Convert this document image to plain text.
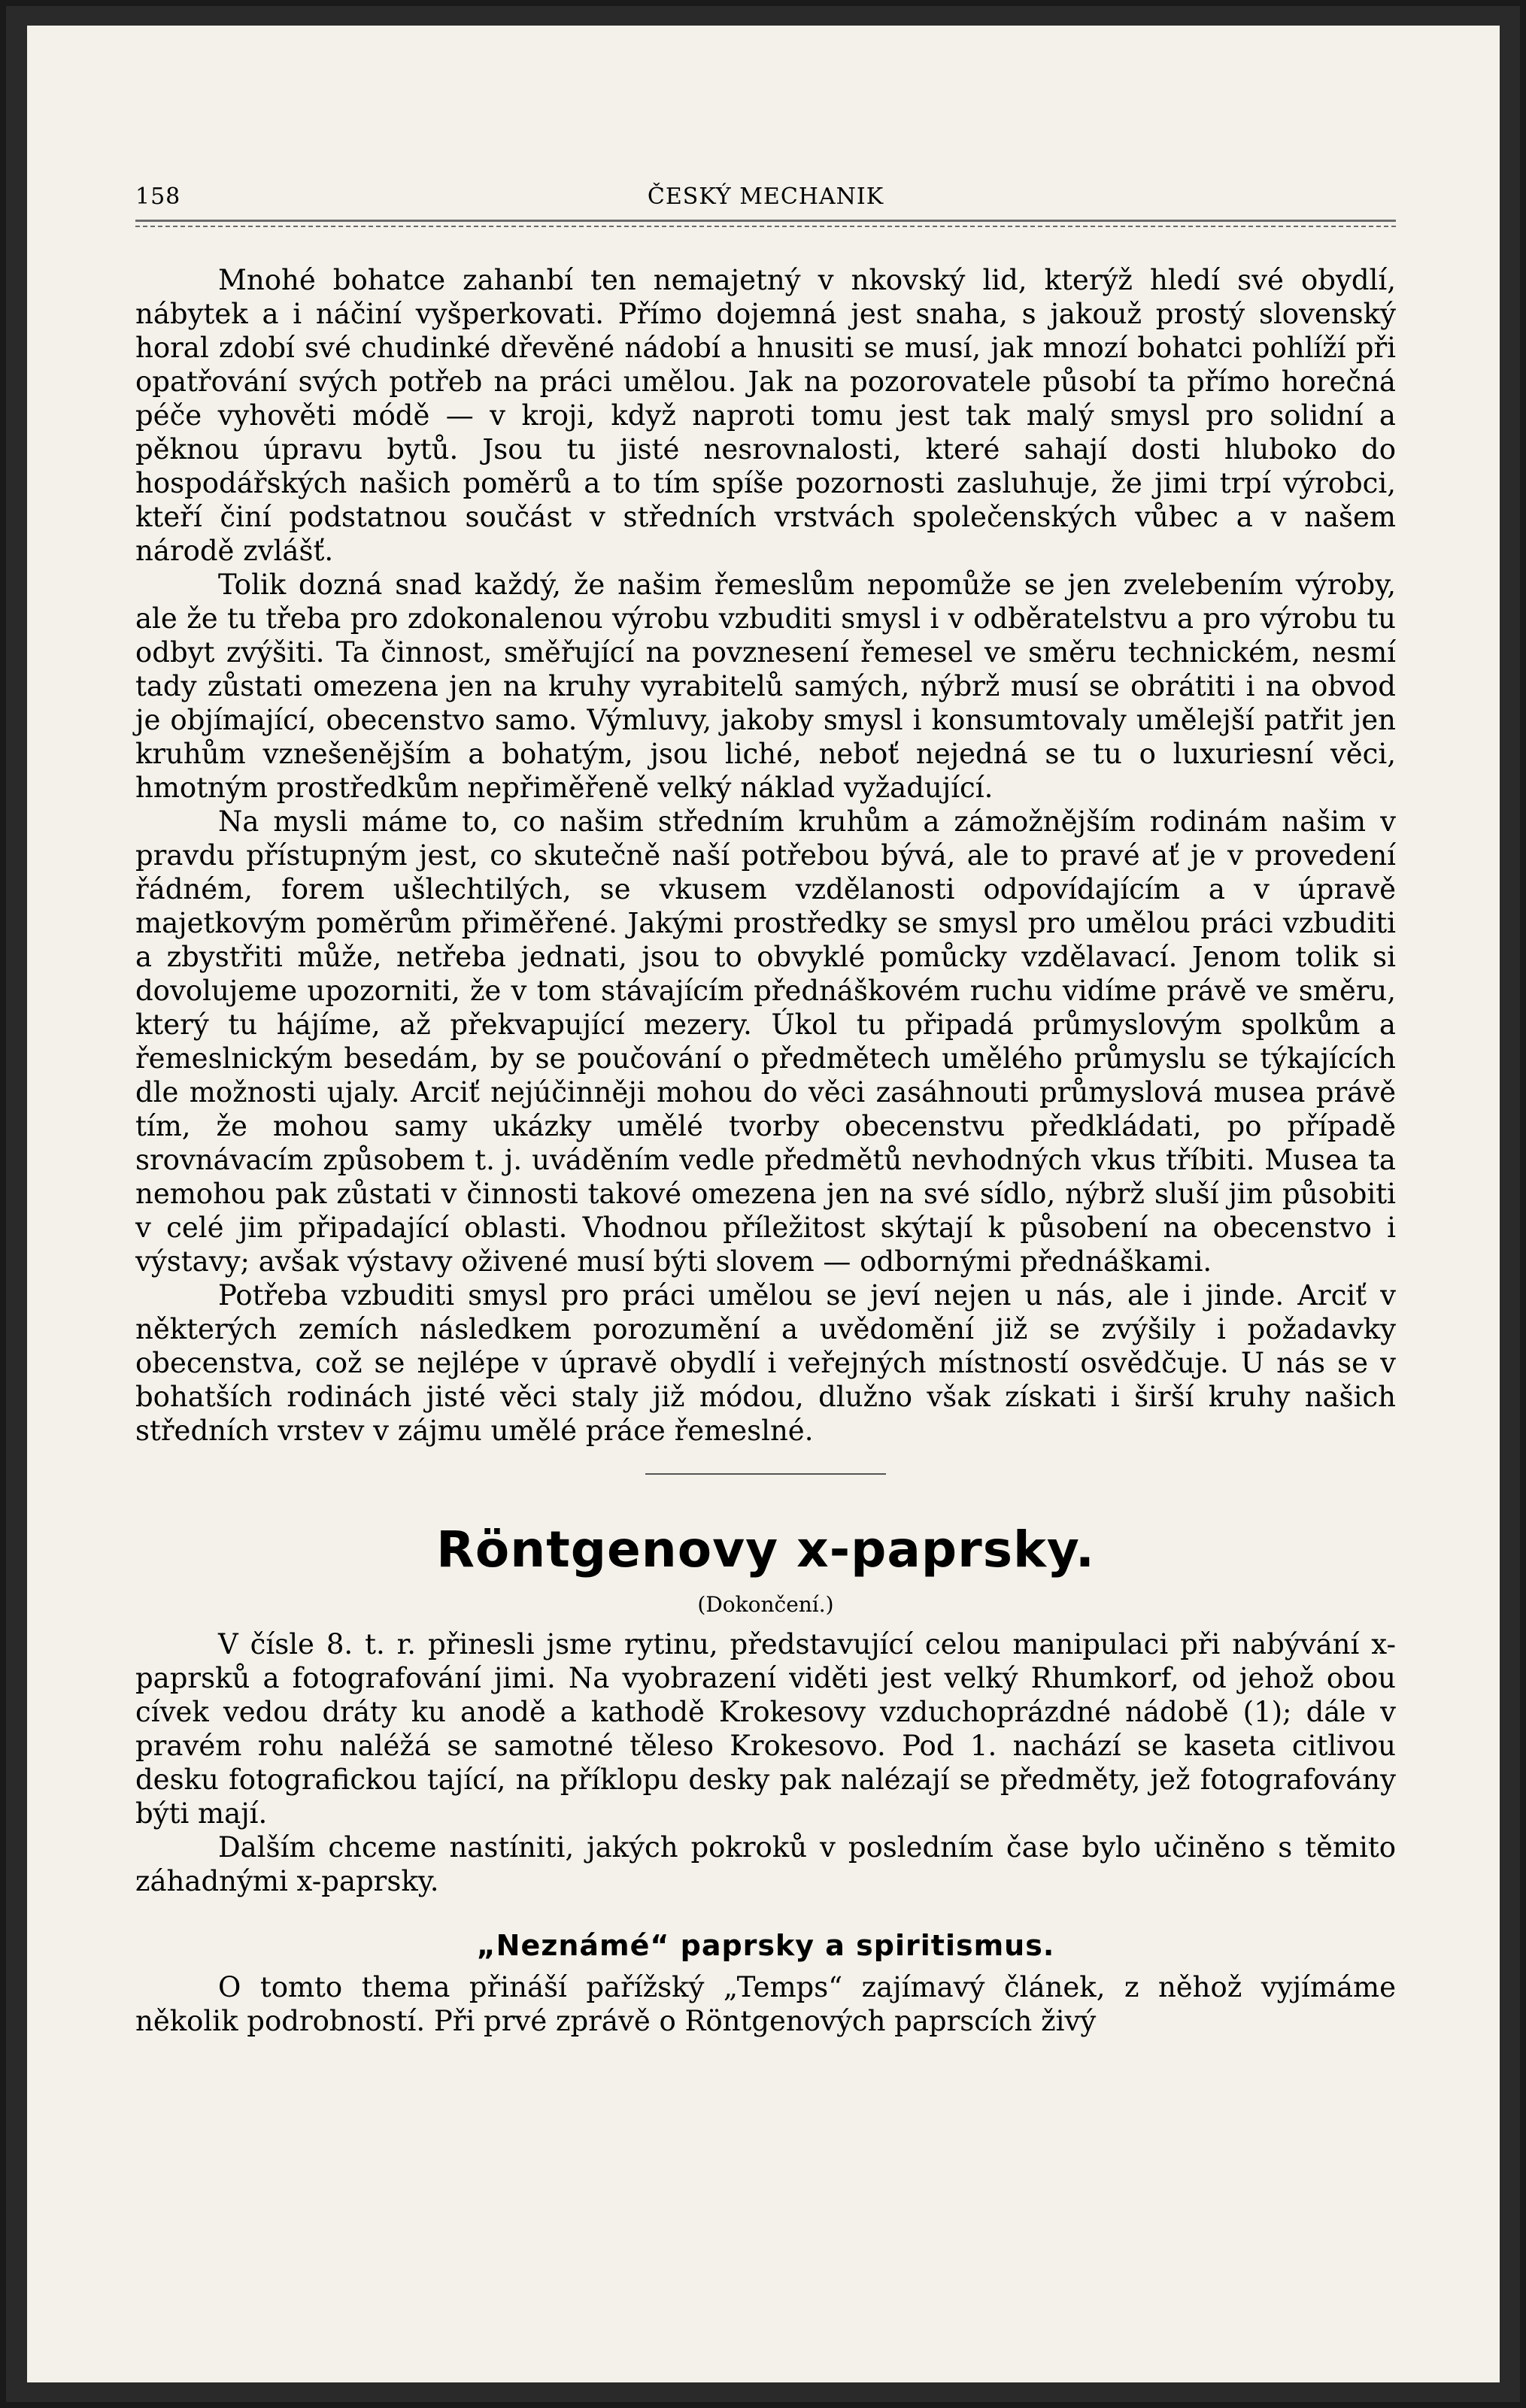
158	ČESKÝ MECHANIK

Mnohé bohatce zahanbí ten nemajetný v nkovský lid, kterýž hledí své obydlí, nábytek a i náčiní vyšperkovati. Přímo dojemná jest snaha, s jakouž prostý slovenský horal zdobí své chudinké dřevěné nádobí a hnusiti se musí, jak mnozí bohatci pohlíží při opatřování svých potřeb na práci umělou. Jak na pozorovatele působí ta přímo horečná péče vyhověti módě — v kroji, když naproti tomu jest tak malý smysl pro solidní a pěknou úpravu bytů. Jsou tu jisté nesrovnalosti, které sahají dosti hluboko do hospodářských našich poměrů a to tím spíše pozornosti zasluhuje, že jimi trpí výrobci, kteří činí podstatnou součást v středních vrstvách společenských vůbec a v našem národě zvlášť.

Tolik dozná snad každý, že našim řemeslům nepomůže se jen zvelebením výroby, ale že tu třeba pro zdokonalenou výrobu vzbuditi smysl i v odběratelstvu a pro výrobu tu odbyt zvýšiti. Ta činnost, směřující na povznesení řemesel ve směru technickém, nesmí tady zůstati omezena jen na kruhy vyrabitelů samých, nýbrž musí se obrátiti i na obvod je objímající, obecenstvo samo. Výmluvy, jakoby smysl i konsumtovaly umělejší patřit jen kruhům vznešenějším a bohatým, jsou liché, neboť nejedná se tu o luxuriesní věci, hmotným prostředkům nepřiměřeně velký náklad vyžadující.

Na mysli máme to, co našim středním kruhům a zámožnějším rodinám našim v pravdu přístupným jest, co skutečně naší potřebou bývá, ale to pravé ať je v provedení řádném, forem ušlechtilých, se vkusem vzdělanosti odpovídajícím a v úpravě majetkovým poměrům přiměřené. Jakými prostředky se smysl pro umělou práci vzbuditi a zbystřiti může, netřeba jednati, jsou to obvyklé pomůcky vzdělavací. Jenom tolik si dovolujeme upozorniti, že v tom stávajícím přednáškovém ruchu vidíme právě ve směru, který tu hájíme, až překvapující mezery. Úkol tu připadá průmyslovým spolkům a řemeslnickým besedám, by se poučování o předmětech umělého průmyslu se týkajících dle možnosti ujaly. Arciť nejúčinněji mohou do věci zasáhnouti průmyslová musea právě tím, že mohou samy ukázky umělé tvorby obecenstvu předkládati, po případě srovnávacím způsobem t. j. uváděním vedle předmětů nevhodných vkus tříbiti. Musea ta nemohou pak zůstati v činnosti takové omezena jen na své sídlo, nýbrž sluší jim působiti v celé jim připadající oblasti. Vhodnou příležitost skýtají k působení na obecenstvo i výstavy; avšak výstavy oživené musí býti slovem — odbornými přednáškami.

Potřeba vzbuditi smysl pro práci umělou se jeví nejen u nás, ale i jinde. Arciť v některých zemích následkem porozumění a uvědomění již se zvýšily i požadavky obecenstva, což se nejlépe v úpravě obydlí i veřejných místností osvědčuje. U nás se v bohatších rodinách jisté věci staly již módou, dlužno však získati i širší kruhy našich středních vrstev v zájmu umělé práce řemeslné.

Röntgenovy x-paprsky.
(Dokončení.)

V čísle 8. t. r. přinesli jsme rytinu, představující celou manipulaci při nabývání x-paprsků a fotografování jimi. Na vyobrazení viděti jest velký Rhumkorf, od jehož obou cívek vedou dráty ku anodě a kathodě Krokesovy vzduchoprázdné nádobě (1); dále v pravém rohu naléžá se samotné těleso Krokesovo. Pod 1. nachází se kaseta citlivou desku fotografickou tající, na příklopu desky pak nalézají se předměty, jež fotografovány býti mají.

Dalším chceme nastíniti, jakých pokroků v posledním čase bylo učiněno s těmito záhadnými x-paprsky.

„Neznámé“ paprsky a spiritismus.

O tomto thema přináší pařížský „Temps“ zajímavý článek, z něhož vyjímáme několik podrobností. Při prvé zprávě o Röntgenových paprscích živý
